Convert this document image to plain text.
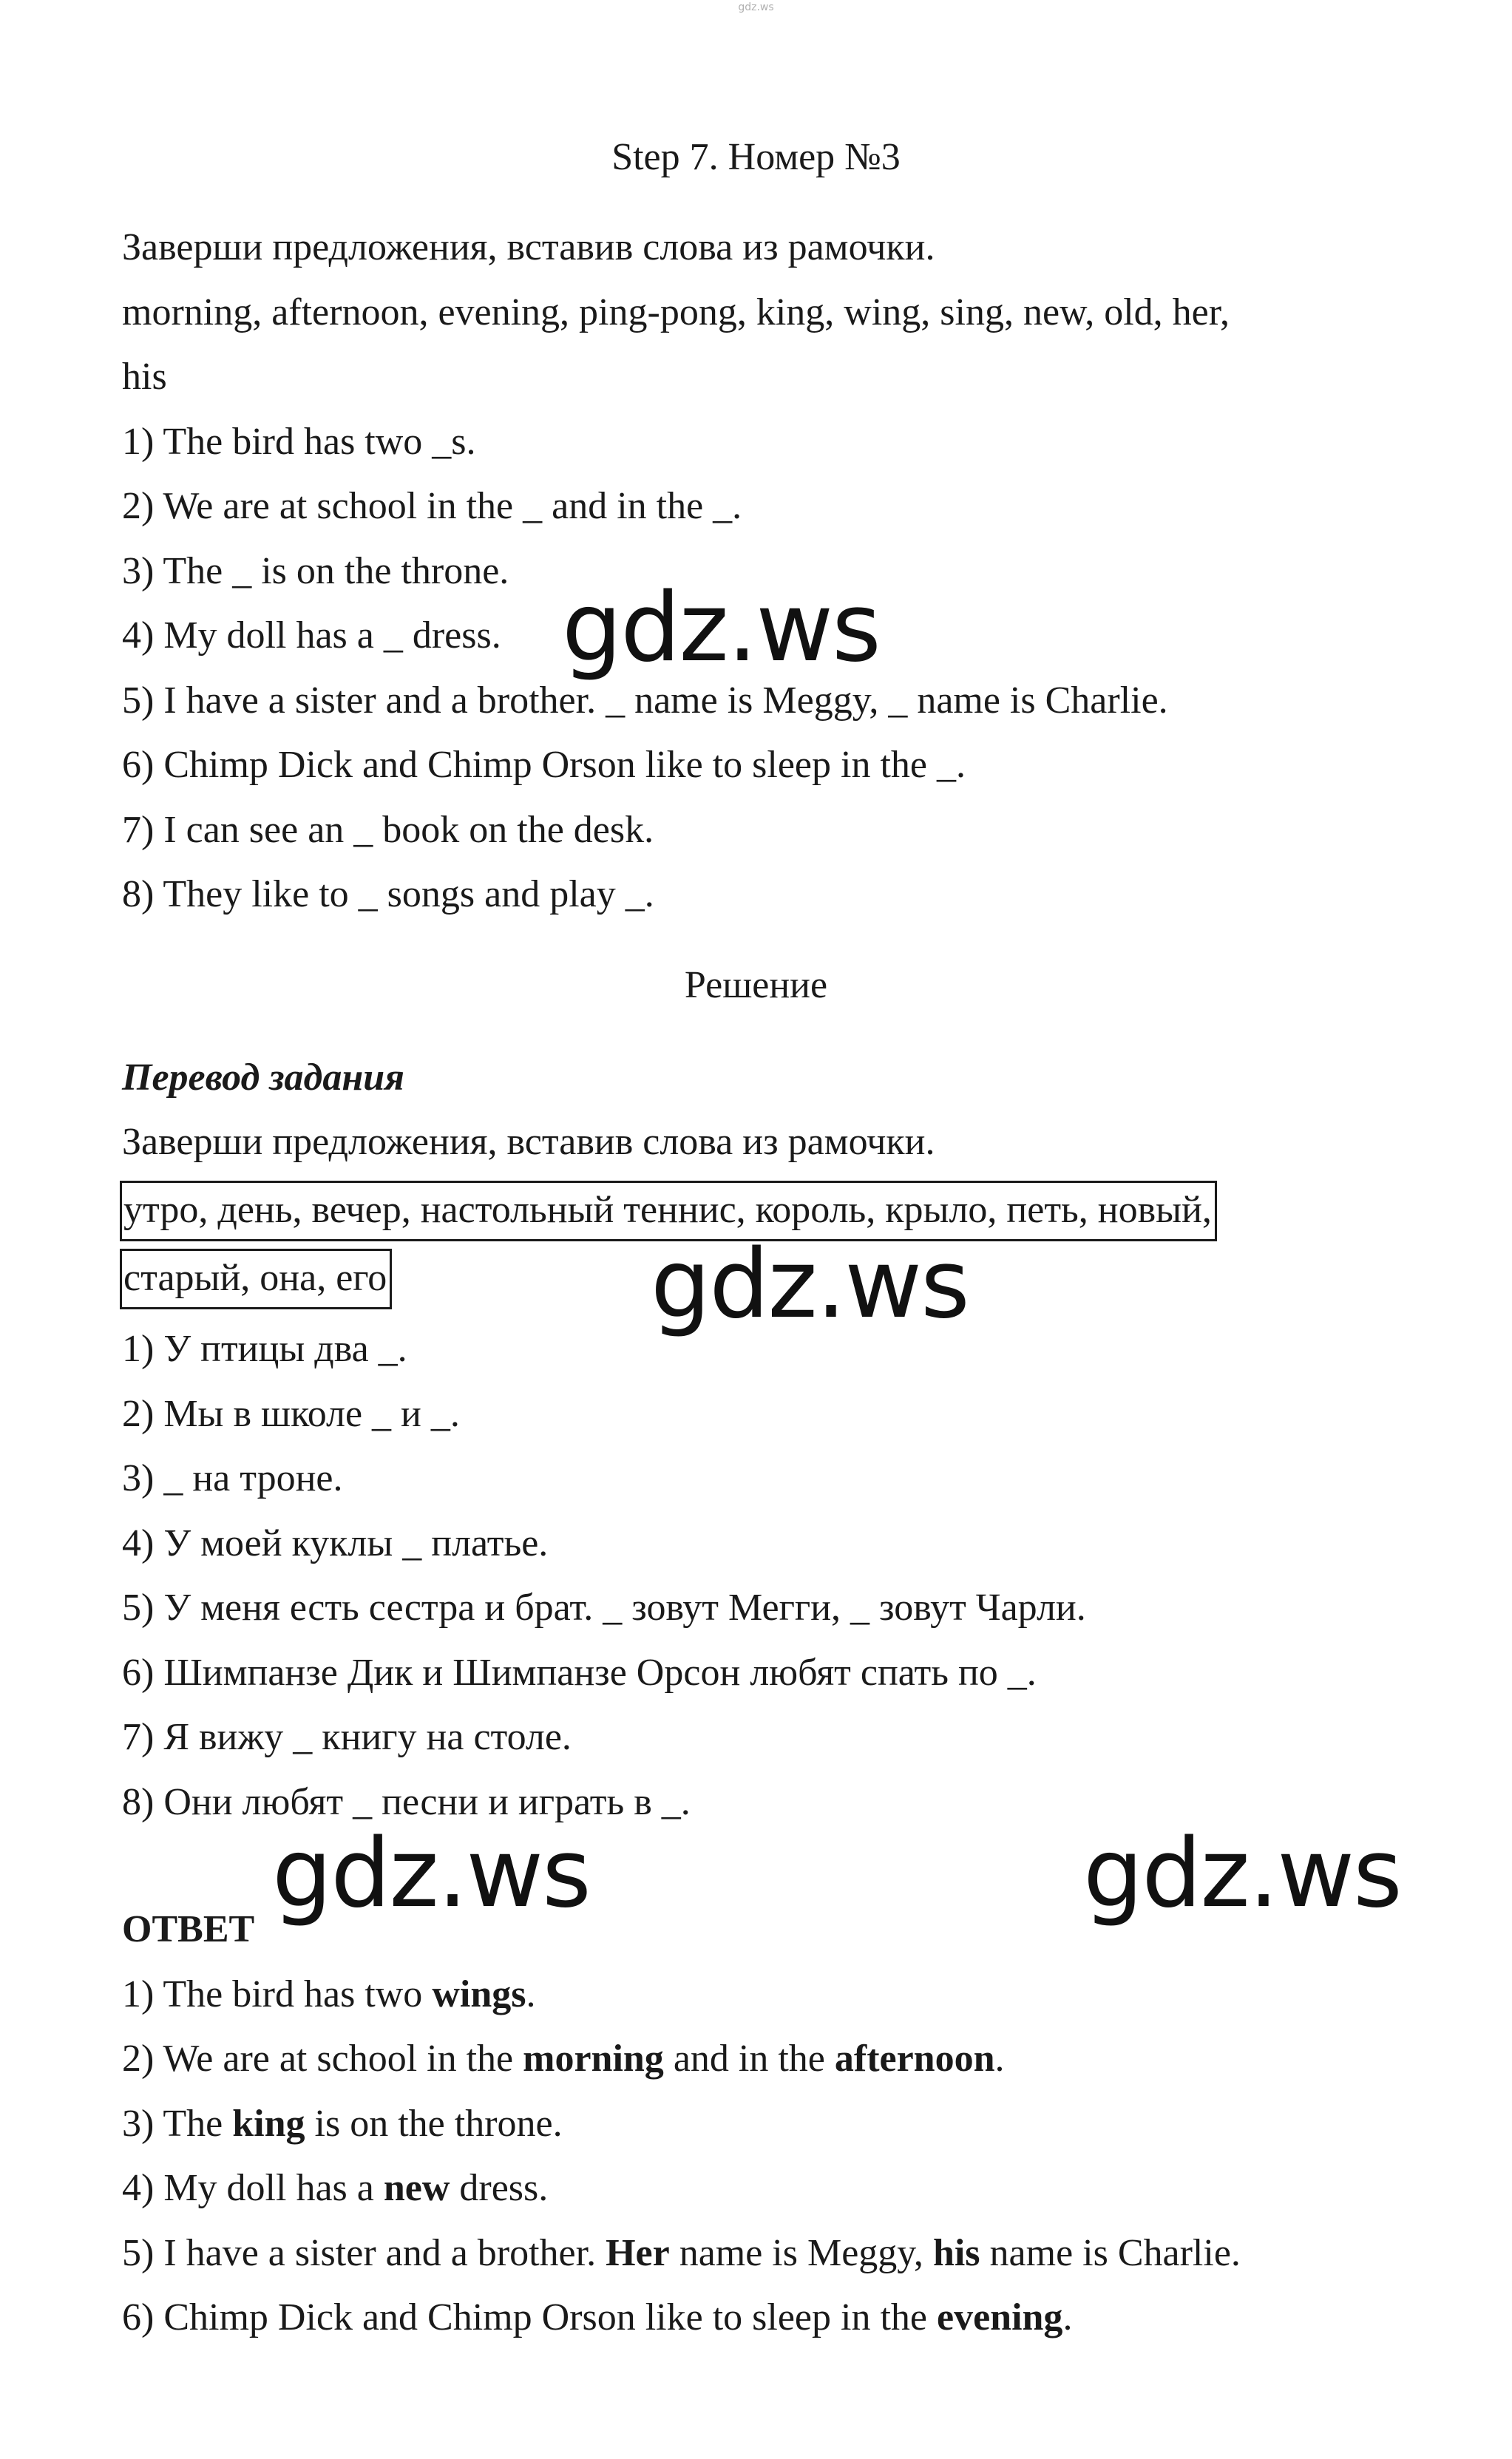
gdz.ws
Step 7. Номер №3
Заверши предложения, вставив слова из рамочки.
morning, afternoon, evening, ping-pong, king, wing, sing, new, old, her,
his
1) The bird has two _s.
2) We are at school in the _ and in the _.
3) The _ is on the throne.
4) My doll has a _ dress.
5) I have a sister and a brother. _ name is Meggy, _ name is Charlie.
6) Chimp Dick and Chimp Orson like to sleep in the _.
7) I can see an _ book on the desk.
8) They like to _ songs and play _.
Решение
Перевод задания
Заверши предложения, вставив слова из рамочки.
утро, день, вечер, настольный теннис, король, крыло, петь, новый,
старый, она, его
1) У птицы два _.
2) Мы в школе _ и _.
3) _ на троне.
4) У моей куклы _ платье.
5) У меня есть сестра и брат. _ зовут Мегги, _ зовут Чарли.
6) Шимпанзе Дик и Шимпанзе Орсон любят спать по _.
7) Я вижу _ книгу на столе.
8) Они любят _ песни и играть в _.
ОТВЕТ
1) The bird has two wings.
2) We are at school in the morning and in the afternoon.
3) The king is on the throne.
4) My doll has a new dress.
5) I have a sister and a brother. Her name is Meggy, his name is Charlie.
6) Chimp Dick and Chimp Orson like to sleep in the evening.
gdz.ws
gdz.ws
gdz.ws	gdz.ws
